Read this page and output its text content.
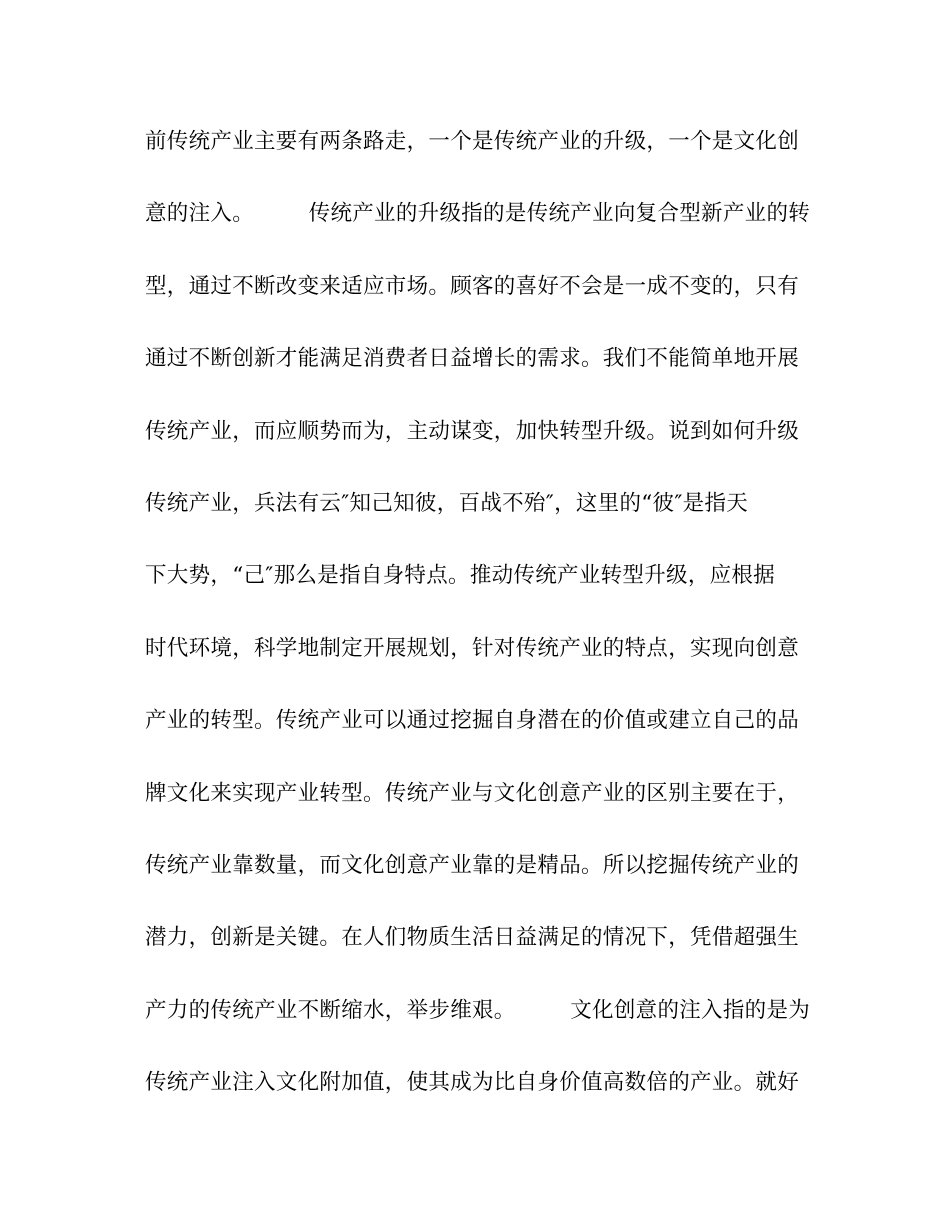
前传统产业主要有两条路走，一个是传统产业的升级，一个是文化创
意的注入。　　　传统产业的升级指的是传统产业向复合型新产业的转
型，通过不断改变来适应市场。顾客的喜好不会是一成不变的，只有
通过不断创新才能满足消费者日益增长的需求。我们不能简单地开展
传统产业，而应顺势而为，主动谋变，加快转型升级。说到如何升级
传统产业，兵法有云″知己知彼，百战不殆″，这里的“彼″是指天
下大势，“己″那么是指自身特点。推动传统产业转型升级，应根据
时代环境，科学地制定开展规划，针对传统产业的特点，实现向创意
产业的转型。传统产业可以通过挖掘自身潜在的价值或建立自己的品
牌文化来实现产业转型。传统产业与文化创意产业的区别主要在于，
传统产业靠数量，而文化创意产业靠的是精品。所以挖掘传统产业的
潜力，创新是关键。在人们物质生活日益满足的情况下，凭借超强生
产力的传统产业不断缩水，举步维艰。　　　文化创意的注入指的是为
传统产业注入文化附加值，使其成为比自身价值高数倍的产业。就好
